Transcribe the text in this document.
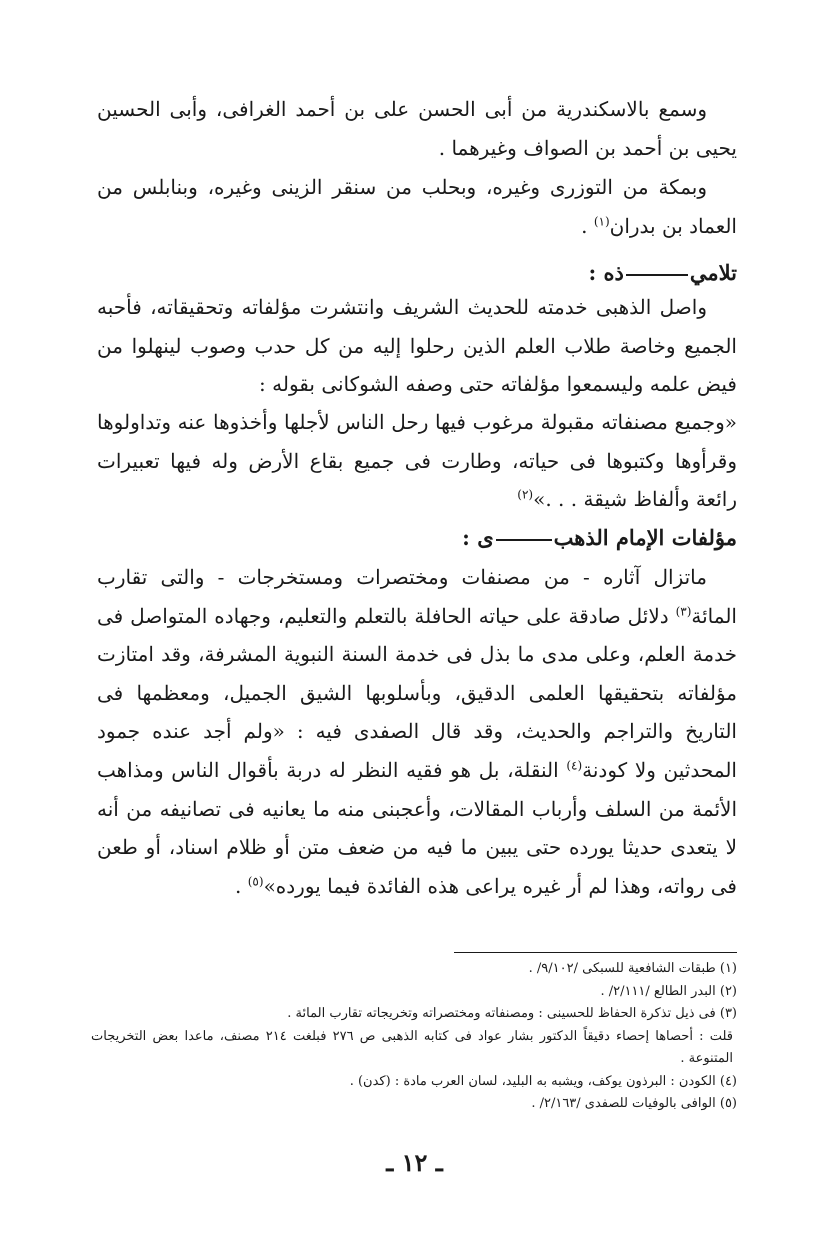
وسمع بالاسكندرية من أبى الحسن على بن أحمد الغرافى، وأبى الحسين يحيى بن أحمد بن الصواف وغيرهما .

وبمكة من التوزرى وغيره، وبحلب من سنقر الزينى وغيره، وبنابلس من العماد بن بدران$^{(١)}$ .

تلاميذه :

واصل الذهبى خدمته للحديث الشريف وانتشرت مؤلفاته وتحقيقاته، فأحبه الجميع وخاصة طلاب العلم الذين رحلوا إليه من كل حدب وصوب لينهلوا من فيض علمه وليسمعوا مؤلفاته حتى وصفه الشوكانى بقوله :

«وجميع مصنفاته مقبولة مرغوب فيها رحل الناس لأجلها وأخذوها عنه وتداولوها وقرأوها وكتبوها فى حياته، وطارت فى جميع بقاع الأرض وله فيها تعبيرات رائعة وألفاظ شيقة . . .»$^{(٢)}$

مؤلفات الإمام الذهبى :

ماتزال آثاره - من مصنفات ومختصرات ومستخرجات - والتى تقارب المائة$^{(٣)}$ دلائل صادقة على حياته الحافلة بالتعلم والتعليم، وجهاده المتواصل فى خدمة العلم، وعلى مدى ما بذل فى خدمة السنة النبوية المشرفة، وقد امتازت مؤلفاته بتحقيقها العلمى الدقيق، وبأسلوبها الشيق الجميل، ومعظمها فى التاريخ والتراجم والحديث، وقد قال الصفدى فيه : «ولم أجد عنده جمود المحدثين ولا كودنة$^{(٤)}$ النقلة، بل هو فقيه النظر له دربة بأقوال الناس ومذاهب الأئمة من السلف وأرباب المقالات، وأعجبنى منه ما يعانيه فى تصانيفه من أنه لا يتعدى حديثا يورده حتى يبين ما فيه من ضعف متن أو ظلام اسناد، أو طعن فى رواته، وهذا لم أر غيره يراعى هذه الفائدة فيما يورده»$^{(٥)}$ .

(١) طبقات الشافعية للسبكى /٩/١٠٢/ .

(٢) البدر الطالع /٢/١١١/ .

(٣) فى ذيل تذكرة الحفاظ للحسينى : ومصنفاته ومختصراته وتخريجاته تقارب المائة .

قلت : أحصاها إحصاء دقيقاً الدكتور بشار عواد فى كتابه الذهبى ص ٢٧٦ فبلغت ٢١٤ مصنف، ماعدا بعض التخريجات المتنوعة .

(٤) الكودن : البرذون يوكف، ويشبه به البليد، لسان العرب مادة : (كدن) .

(٥) الوافى بالوفيات للصفدى /٢/١٦٣/ .

ـ ١٢ ـ
